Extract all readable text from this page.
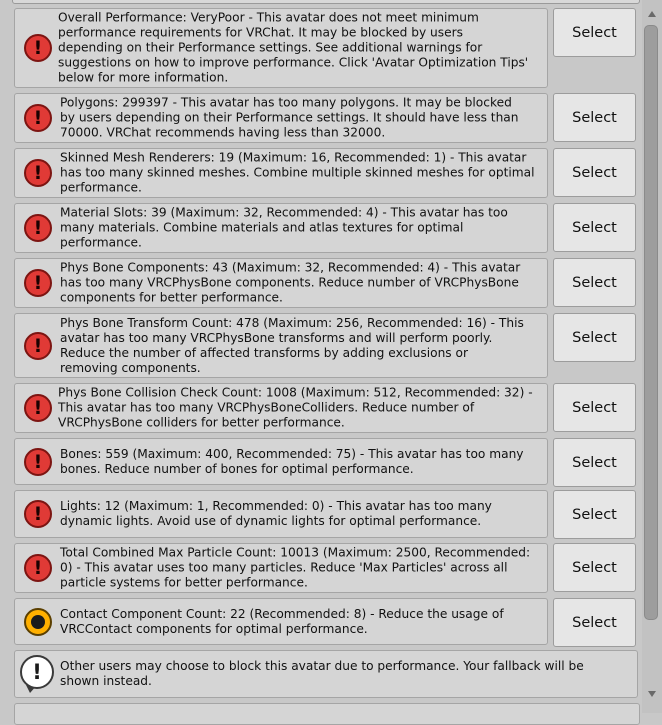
!
Overall Performance: VeryPoor - This avatar does not meet minimum
performance requirements for VRChat. It may be blocked by users
depending on their Performance settings. See additional warnings for
suggestions on how to improve performance. Click 'Avatar Optimization Tips'
below for more information.
Select
!
Polygons: 299397 - This avatar has too many polygons. It may be blocked
by users depending on their Performance settings. It should have less than
70000. VRChat recommends having less than 32000.
Select
!
Skinned Mesh Renderers: 19 (Maximum: 16, Recommended: 1) - This avatar
has too many skinned meshes. Combine multiple skinned meshes for optimal
performance.
Select
!
Material Slots: 39 (Maximum: 32, Recommended: 4) - This avatar has too
many materials. Combine materials and atlas textures for optimal
performance.
Select
!
Phys Bone Components: 43 (Maximum: 32, Recommended: 4) - This avatar
has too many VRCPhysBone components. Reduce number of VRCPhysBone
components for better performance.
Select
!
Phys Bone Transform Count: 478 (Maximum: 256, Recommended: 16) - This
avatar has too many VRCPhysBone transforms and will perform poorly.
Reduce the number of affected transforms by adding exclusions or
removing components.
Select
!
Phys Bone Collision Check Count: 1008 (Maximum: 512, Recommended: 32) -
This avatar has too many VRCPhysBoneColliders. Reduce number of
VRCPhysBone colliders for better performance.
Select
!	Bones: 559 (Maximum: 400, Recommended: 75) - This avatar has too many
bones. Reduce number of bones for optimal performance.	Select
!	Lights: 12 (Maximum: 1, Recommended: 0) - This avatar has too many
dynamic lights. Avoid use of dynamic lights for optimal performance.	Select
!
Total Combined Max Particle Count: 10013 (Maximum: 2500, Recommended:
0) - This avatar uses too many particles. Reduce 'Max Particles' across all
particle systems for better performance.
Select
Contact Component Count: 22 (Recommended: 8) - Reduce the usage of
VRCContact components for optimal performance.	Select
!	Other users may choose to block this avatar due to performance. Your fallback will be
shown instead.
